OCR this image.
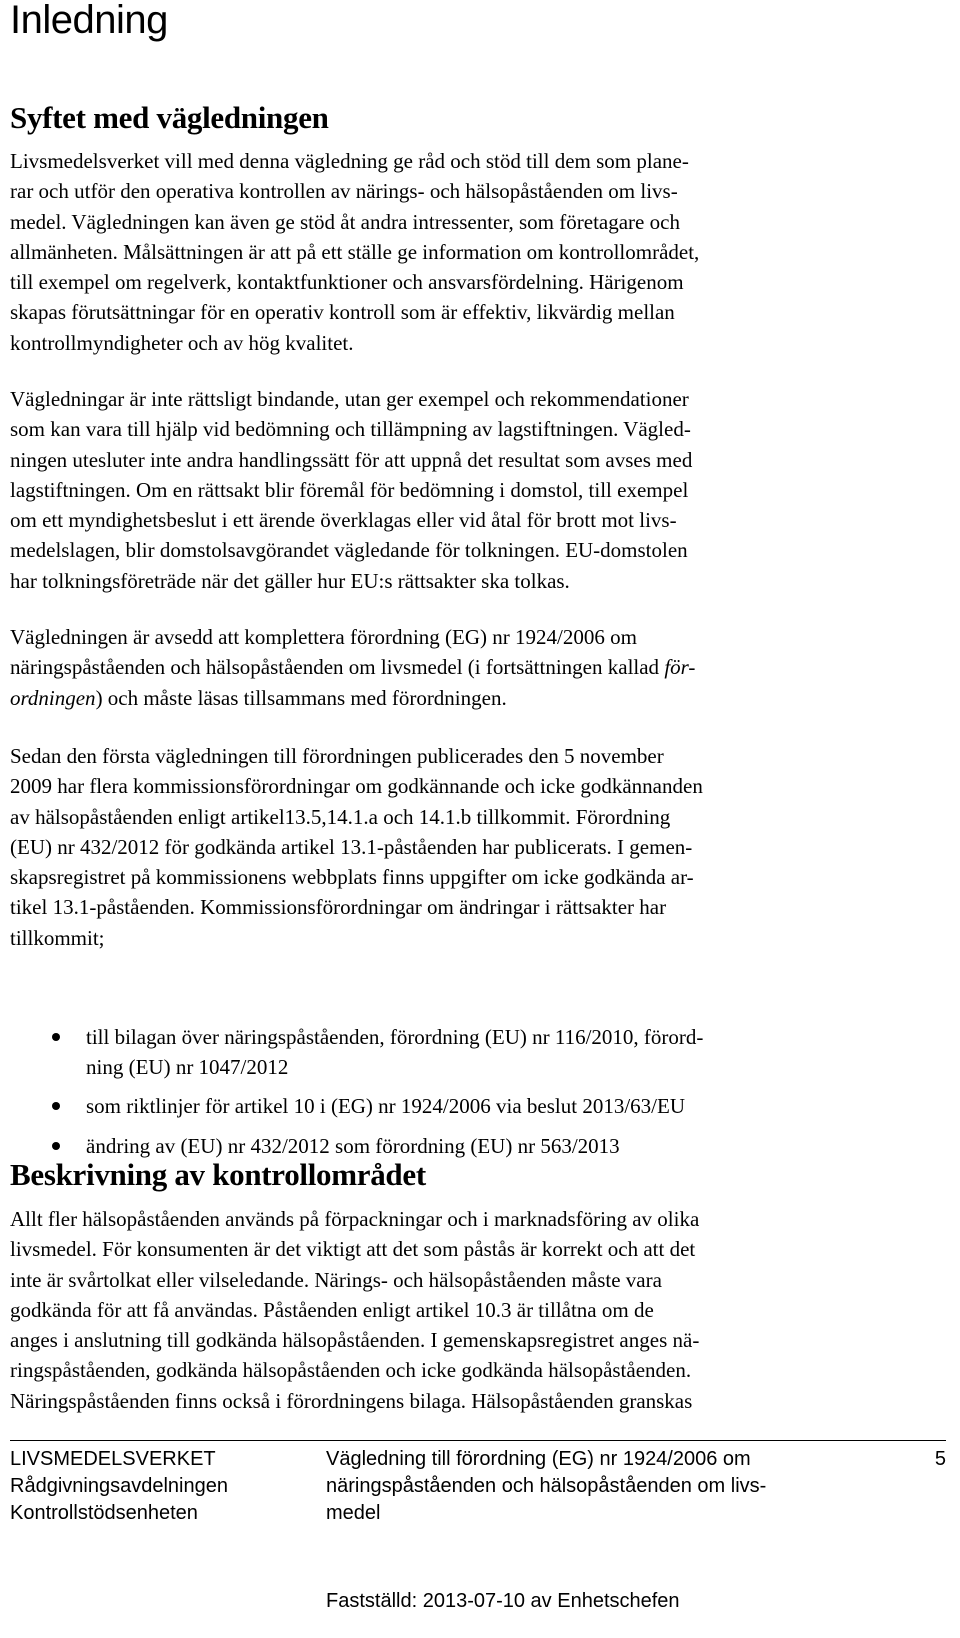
Inledning
Syftet med vägledningen
Livsmedelsverket vill med denna vägledning ge råd och stöd till dem som plane-
rar och utför den operativa kontrollen av närings- och hälsopåståenden om livs-
medel. Vägledningen kan även ge stöd åt andra intressenter, som företagare och
allmänheten. Målsättningen är att på ett ställe ge information om kontrollområdet,
till exempel om regelverk, kontaktfunktioner och ansvarsfördelning. Härigenom
skapas förutsättningar för en operativ kontroll som är effektiv, likvärdig mellan
kontrollmyndigheter och av hög kvalitet.
Vägledningar är inte rättsligt bindande, utan ger exempel och rekommendationer
som kan vara till hjälp vid bedömning och tillämpning av lagstiftningen. Vägled-
ningen utesluter inte andra handlingssätt för att uppnå det resultat som avses med
lagstiftningen. Om en rättsakt blir föremål för bedömning i domstol, till exempel
om ett myndighetsbeslut i ett ärende överklagas eller vid åtal för brott mot livs-
medelslagen, blir domstolsavgörandet vägledande för tolkningen. EU-domstolen
har tolkningsföreträde när det gäller hur EU:s rättsakter ska tolkas.
Vägledningen är avsedd att komplettera förordning (EG) nr 1924/2006 om
näringspåståenden och hälsopåståenden om livsmedel (i fortsättningen kallad för-
ordningen) och måste läsas tillsammans med förordningen.
Sedan den första vägledningen till förordningen publicerades den 5 november
2009 har flera kommissionsförordningar om godkännande och icke godkännanden
av hälsopåståenden enligt artikel13.5,14.1.a och 14.1.b tillkommit. Förordning
(EU) nr 432/2012 för godkända artikel 13.1-påståenden har publicerats. I gemen-
skapsregistret på kommissionens webbplats finns uppgifter om icke godkända ar-
tikel 13.1-påståenden. Kommissionsförordningar om ändringar i rättsakter har
tillkommit;
till bilagan över näringspåståenden, förordning (EU) nr 116/2010, förord-
ning (EU) nr 1047/2012
som riktlinjer för artikel 10 i (EG) nr 1924/2006 via beslut 2013/63/EU
ändring av (EU) nr 432/2012 som förordning (EU) nr 563/2013
Beskrivning av kontrollområdet
Allt fler hälsopåståenden används på förpackningar och i marknadsföring av olika
livsmedel. För konsumenten är det viktigt att det som påstås är korrekt och att det
inte är svårtolkat eller vilseledande. Närings- och hälsopåståenden måste vara
godkända för att få användas. Påståenden enligt artikel 10.3 är tillåtna om de
anges i anslutning till godkända hälsopåståenden. I gemenskapsregistret anges nä-
ringspåståenden, godkända hälsopåståenden och icke godkända hälsopåståenden.
Näringspåståenden finns också i förordningens bilaga. Hälsopåståenden granskas
LIVSMEDELSVERKET
Rådgivningsavdelningen
Kontrollstödsenheten
Vägledning till förordning (EG) nr 1924/2006 om
näringspåståenden och hälsopåståenden om livs-
medel
5
Fastställd: 2013-07-10 av Enhetschefen
